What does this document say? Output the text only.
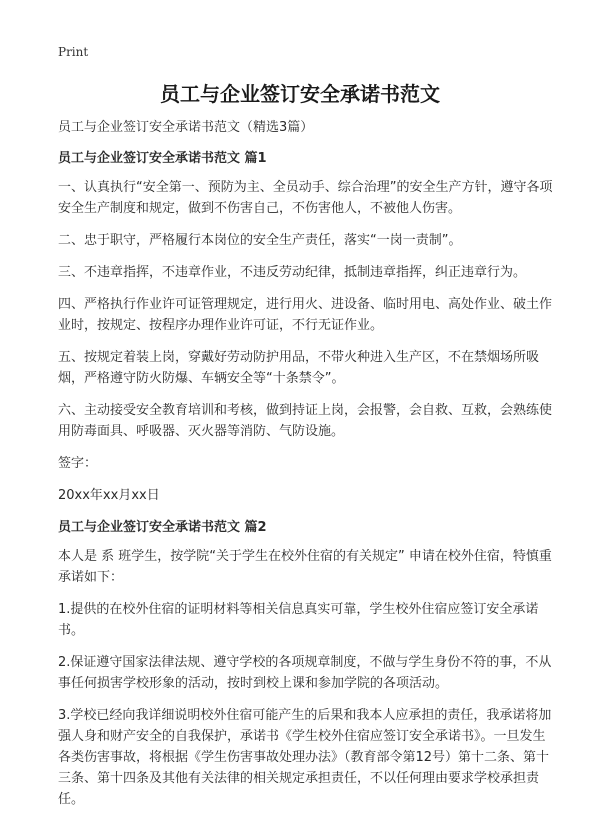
Print
员工与企业签订安全承诺书范文

员工与企业签订安全承诺书范文（精选3篇）

员工与企业签订安全承诺书范文 篇1

一、认真执行“安全第一、预防为主、全员动手、综合治理”的安全生产方针，遵守各项安全生产制度和规定，做到不伤害自己，不伤害他人，不被他人伤害。

二、忠于职守，严格履行本岗位的安全生产责任，落实“一岗一责制”。

三、不违章指挥，不违章作业，不违反劳动纪律，抵制违章指挥，纠正违章行为。

四、严格执行作业许可证管理规定，进行用火、进设备、临时用电、高处作业、破土作业时，按规定、按程序办理作业许可证，不行无证作业。

五、按规定着装上岗，穿戴好劳动防护用品，不带火种进入生产区，不在禁烟场所吸烟，严格遵守防火防爆、车辆安全等“十条禁令”。

六、主动接受安全教育培训和考核，做到持证上岗，会报警，会自救、互救，会熟练使用防毒面具、呼吸器、灭火器等消防、气防设施。

签字：

20xx年xx月xx日

员工与企业签订安全承诺书范文 篇2

本人是 系 班学生，按学院“关于学生在校外住宿的有关规定” 申请在校外住宿，特慎重承诺如下：

1.提供的在校外住宿的证明材料等相关信息真实可靠，学生校外住宿应签订安全承诺书。

2.保证遵守国家法律法规、遵守学校的各项规章制度，不做与学生身份不符的事，不从事任何损害学校形象的活动，按时到校上课和参加学院的各项活动。

3.学校已经向我详细说明校外住宿可能产生的后果和我本人应承担的责任，我承诺将加强人身和财产安全的自我保护，承诺书《学生校外住宿应签订安全承诺书》。一旦发生各类伤害事故，将根据《学生伤害事故处理办法》（教育部令第12号）第十二条、第十三条、第十四条及其他有关法律的相关规定承担责任，不以任何理由要求学校承担责任。
